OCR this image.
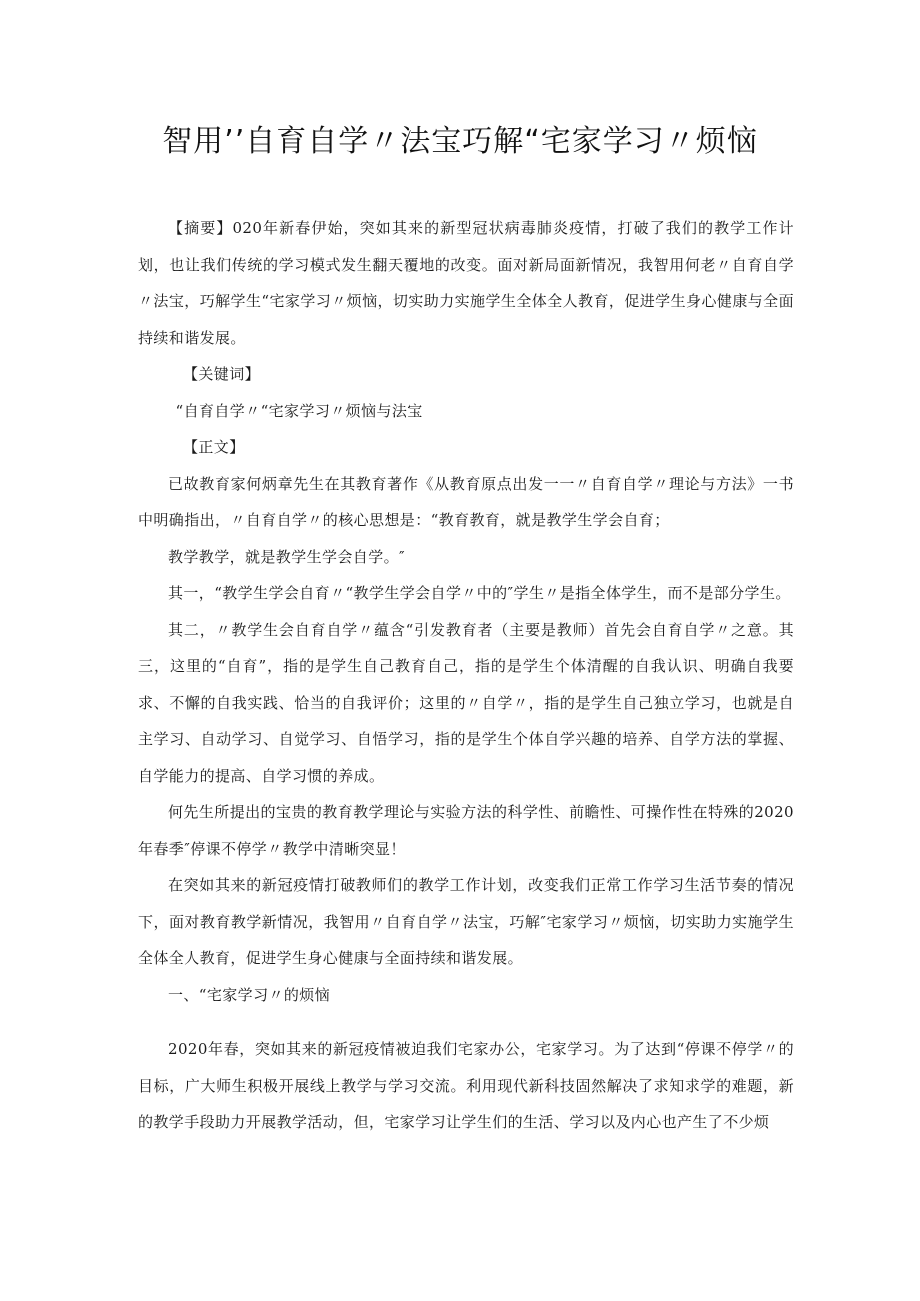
智用’’自育自学〃法宝巧解“宅家学习〃烦恼

【摘要】020年新春伊始，突如其来的新型冠状病毒肺炎疫情，打破了我们的教学工作计划，也让我们传统的学习模式发生翻天覆地的改变。面对新局面新情况，我智用何老〃自育自学〃法宝，巧解学生“宅家学习〃烦恼，切实助力实施学生全体全人教育，促进学生身心健康与全面持续和谐发展。

【关键词】

“自育自学〃“宅家学习〃烦恼与法宝

【正文】

已故教育家何炳章先生在其教育著作《从教育原点出发一一〃自育自学〃理论与方法》一书中明确指出，〃自育自学〃的核心思想是：“教育教育，就是教学生学会自育；

教学教学，就是教学生学会自学。″

其一，“教学生学会自育〃“教学生学会自学〃中的″学生〃是指全体学生，而不是部分学生。

其二，〃教学生会自育自学〃蕴含“引发教育者（主要是教师）首先会自育自学〃之意。其三，这里的“自育”，指的是学生自己教育自己，指的是学生个体清醒的自我认识、明确自我要求、不懈的自我实践、恰当的自我评价；这里的〃自学〃，指的是学生自己独立学习，也就是自主学习、自动学习、自觉学习、自悟学习，指的是学生个体自学兴趣的培养、自学方法的掌握、自学能力的提高、自学习惯的养成。

何先生所提出的宝贵的教育教学理论与实验方法的科学性、前瞻性、可操作性在特殊的2020年春季″停课不停学〃教学中清晰突显！

在突如其来的新冠疫情打破教师们的教学工作计划，改变我们正常工作学习生活节奏的情况下，面对教育教学新情况，我智用〃自育自学〃法宝，巧解″宅家学习〃烦恼，切实助力实施学生全体全人教育，促进学生身心健康与全面持续和谐发展。

一、“宅家学习〃的烦恼

2020年春，突如其来的新冠疫情被迫我们宅家办公，宅家学习。为了达到“停课不停学〃的目标，广大师生积极开展线上教学与学习交流。利用现代新科技固然解决了求知求学的难题，新的教学手段助力开展教学活动，但，宅家学习让学生们的生活、学习以及内心也产生了不少烦
